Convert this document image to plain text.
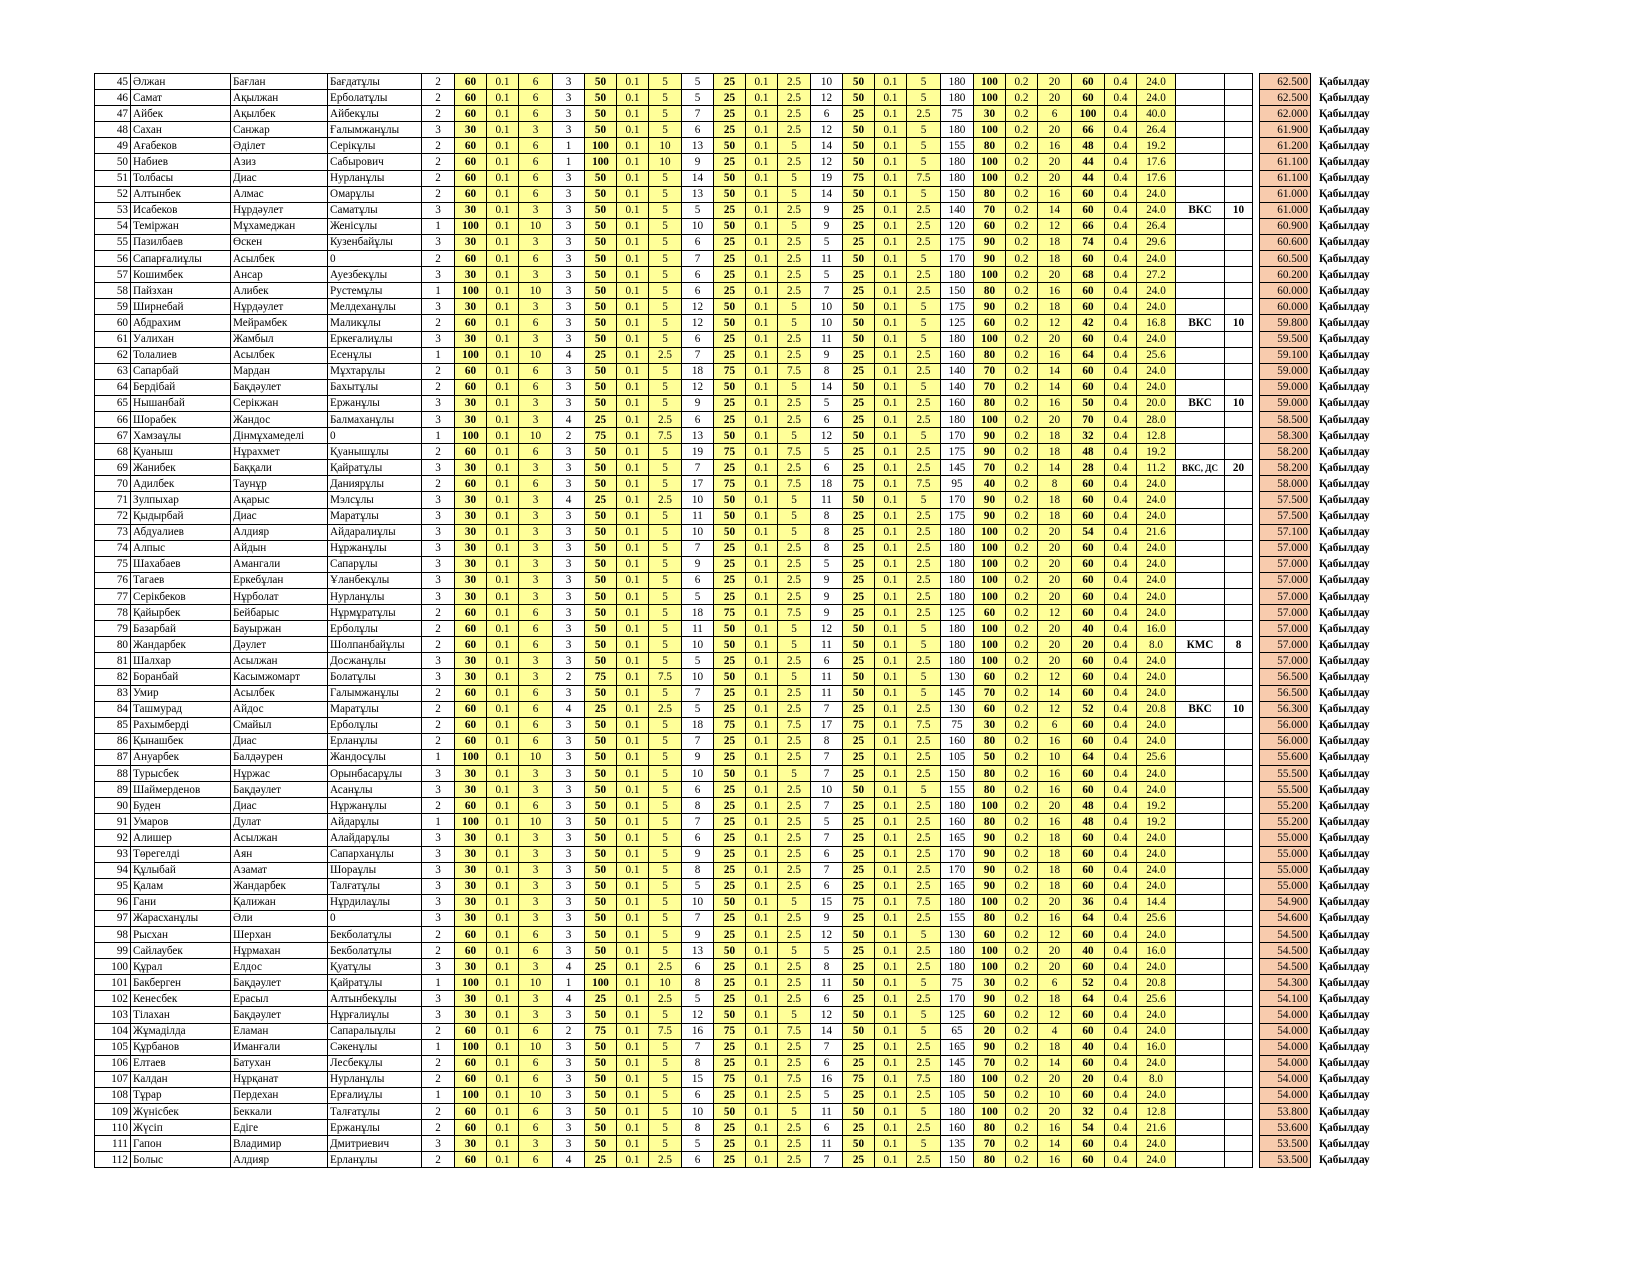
45	Әлжан	Бағлан	Бағдатұлы	2	60	0.1	6	3	50	0.1	5	5	25	0.1	2.5	10	50	0.1	5	180	100	0.2	20	60	0.4	24.0				62.500	Қабылдау
46	Самат	Ақылжан	Ерболатұлы	2	60	0.1	6	3	50	0.1	5	5	25	0.1	2.5	12	50	0.1	5	180	100	0.2	20	60	0.4	24.0				62.500	Қабылдау
47	Айбек	Ақылбек	Айбекұлы	2	60	0.1	6	3	50	0.1	5	7	25	0.1	2.5	6	25	0.1	2.5	75	30	0.2	6	100	0.4	40.0				62.000	Қабылдау
48	Сахан	Санжар	Ғалымжанұлы	3	30	0.1	3	3	50	0.1	5	6	25	0.1	2.5	12	50	0.1	5	180	100	0.2	20	66	0.4	26.4				61.900	Қабылдау
49	Ағабеков	Әділет	Серікұлы	2	60	0.1	6	1	100	0.1	10	13	50	0.1	5	14	50	0.1	5	155	80	0.2	16	48	0.4	19.2				61.200	Қабылдау
50	Набиев	Азиз	Сабырович	2	60	0.1	6	1	100	0.1	10	9	25	0.1	2.5	12	50	0.1	5	180	100	0.2	20	44	0.4	17.6				61.100	Қабылдау
51	Толбасы	Диас	Нурланұлы	2	60	0.1	6	3	50	0.1	5	14	50	0.1	5	19	75	0.1	7.5	180	100	0.2	20	44	0.4	17.6				61.100	Қабылдау
52	Алтынбек	Алмас	Омарұлы	2	60	0.1	6	3	50	0.1	5	13	50	0.1	5	14	50	0.1	5	150	80	0.2	16	60	0.4	24.0				61.000	Қабылдау
53	Исабеков	Нұрдәулет	Саматұлы	3	30	0.1	3	3	50	0.1	5	5	25	0.1	2.5	9	25	0.1	2.5	140	70	0.2	14	60	0.4	24.0	ВКС	10		61.000	Қабылдау
54	Теміржан	Мұхамеджан	Женісұлы	1	100	0.1	10	3	50	0.1	5	10	50	0.1	5	9	25	0.1	2.5	120	60	0.2	12	66	0.4	26.4				60.900	Қабылдау
55	Пазилбаев	Өскен	Кузенбайұлы	3	30	0.1	3	3	50	0.1	5	6	25	0.1	2.5	5	25	0.1	2.5	175	90	0.2	18	74	0.4	29.6				60.600	Қабылдау
56	Сапарғалиұлы	Асылбек	0	2	60	0.1	6	3	50	0.1	5	7	25	0.1	2.5	11	50	0.1	5	170	90	0.2	18	60	0.4	24.0				60.500	Қабылдау
57	Кошимбек	Ансар	Ауезбекұлы	3	30	0.1	3	3	50	0.1	5	6	25	0.1	2.5	5	25	0.1	2.5	180	100	0.2	20	68	0.4	27.2				60.200	Қабылдау
58	Пайзхан	Алибек	Рустемұлы	1	100	0.1	10	3	50	0.1	5	6	25	0.1	2.5	7	25	0.1	2.5	150	80	0.2	16	60	0.4	24.0				60.000	Қабылдау
59	Ширнебай	Нұрдәулет	Мелдеханұлы	3	30	0.1	3	3	50	0.1	5	12	50	0.1	5	10	50	0.1	5	175	90	0.2	18	60	0.4	24.0				60.000	Қабылдау
60	Абдрахим	Мейрамбек	Маликұлы	2	60	0.1	6	3	50	0.1	5	12	50	0.1	5	10	50	0.1	5	125	60	0.2	12	42	0.4	16.8	ВКС	10		59.800	Қабылдау
61	Уалихан	Жамбыл	Еркеғалиұлы	3	30	0.1	3	3	50	0.1	5	6	25	0.1	2.5	11	50	0.1	5	180	100	0.2	20	60	0.4	24.0				59.500	Қабылдау
62	Толалиев	Асылбек	Есенұлы	1	100	0.1	10	4	25	0.1	2.5	7	25	0.1	2.5	9	25	0.1	2.5	160	80	0.2	16	64	0.4	25.6				59.100	Қабылдау
63	Сапарбай	Мардан	Мұхтарұлы	2	60	0.1	6	3	50	0.1	5	18	75	0.1	7.5	8	25	0.1	2.5	140	70	0.2	14	60	0.4	24.0				59.000	Қабылдау
64	Бердібай	Бақдәулет	Бахытұлы	2	60	0.1	6	3	50	0.1	5	12	50	0.1	5	14	50	0.1	5	140	70	0.2	14	60	0.4	24.0				59.000	Қабылдау
65	Нышанбай	Серікжан	Ержанұлы	3	30	0.1	3	3	50	0.1	5	9	25	0.1	2.5	5	25	0.1	2.5	160	80	0.2	16	50	0.4	20.0	ВКС	10		59.000	Қабылдау
66	Шорабек	Жандос	Балмаханұлы	3	30	0.1	3	4	25	0.1	2.5	6	25	0.1	2.5	6	25	0.1	2.5	180	100	0.2	20	70	0.4	28.0				58.500	Қабылдау
67	Хамзаұлы	Дінмұхамеделі	0	1	100	0.1	10	2	75	0.1	7.5	13	50	0.1	5	12	50	0.1	5	170	90	0.2	18	32	0.4	12.8				58.300	Қабылдау
68	Қуаныш	Нұрахмет	Қуанышұлы	2	60	0.1	6	3	50	0.1	5	19	75	0.1	7.5	5	25	0.1	2.5	175	90	0.2	18	48	0.4	19.2				58.200	Қабылдау
69	Жанибек	Баққали	Қайратұлы	3	30	0.1	3	3	50	0.1	5	7	25	0.1	2.5	6	25	0.1	2.5	145	70	0.2	14	28	0.4	11.2	ВКС, ДС	20		58.200	Қабылдау
70	Адилбек	Таунұр	Даниярұлы	2	60	0.1	6	3	50	0.1	5	17	75	0.1	7.5	18	75	0.1	7.5	95	40	0.2	8	60	0.4	24.0				58.000	Қабылдау
71	Зулпыхар	Ақарыс	Мэлсұлы	3	30	0.1	3	4	25	0.1	2.5	10	50	0.1	5	11	50	0.1	5	170	90	0.2	18	60	0.4	24.0				57.500	Қабылдау
72	Қыдырбай	Диас	Маратұлы	3	30	0.1	3	3	50	0.1	5	11	50	0.1	5	8	25	0.1	2.5	175	90	0.2	18	60	0.4	24.0				57.500	Қабылдау
73	Абдуалиев	Алдияр	Айдаралиұлы	3	30	0.1	3	3	50	0.1	5	10	50	0.1	5	8	25	0.1	2.5	180	100	0.2	20	54	0.4	21.6				57.100	Қабылдау
74	Алпыс	Айдын	Нұржанұлы	3	30	0.1	3	3	50	0.1	5	7	25	0.1	2.5	8	25	0.1	2.5	180	100	0.2	20	60	0.4	24.0				57.000	Қабылдау
75	Шахабаев	Амангали	Сапарұлы	3	30	0.1	3	3	50	0.1	5	9	25	0.1	2.5	5	25	0.1	2.5	180	100	0.2	20	60	0.4	24.0				57.000	Қабылдау
76	Тагаев	Еркебұлан	Ұланбекұлы	3	30	0.1	3	3	50	0.1	5	6	25	0.1	2.5	9	25	0.1	2.5	180	100	0.2	20	60	0.4	24.0				57.000	Қабылдау
77	Серікбеков	Нұрболат	Нурланұлы	3	30	0.1	3	3	50	0.1	5	5	25	0.1	2.5	9	25	0.1	2.5	180	100	0.2	20	60	0.4	24.0				57.000	Қабылдау
78	Қайырбек	Бейбарыс	Нұрмұратұлы	2	60	0.1	6	3	50	0.1	5	18	75	0.1	7.5	9	25	0.1	2.5	125	60	0.2	12	60	0.4	24.0				57.000	Қабылдау
79	Базарбай	Бауыржан	Ерболұлы	2	60	0.1	6	3	50	0.1	5	11	50	0.1	5	12	50	0.1	5	180	100	0.2	20	40	0.4	16.0				57.000	Қабылдау
80	Жандарбек	Дәулет	Шолпанбайұлы	2	60	0.1	6	3	50	0.1	5	10	50	0.1	5	11	50	0.1	5	180	100	0.2	20	20	0.4	8.0	КМС	8		57.000	Қабылдау
81	Шалхар	Асылжан	Досжанұлы	3	30	0.1	3	3	50	0.1	5	5	25	0.1	2.5	6	25	0.1	2.5	180	100	0.2	20	60	0.4	24.0				57.000	Қабылдау
82	Боранбай	Касымжомарт	Болатұлы	3	30	0.1	3	2	75	0.1	7.5	10	50	0.1	5	11	50	0.1	5	130	60	0.2	12	60	0.4	24.0				56.500	Қабылдау
83	Умир	Асылбек	Галымжанұлы	2	60	0.1	6	3	50	0.1	5	7	25	0.1	2.5	11	50	0.1	5	145	70	0.2	14	60	0.4	24.0				56.500	Қабылдау
84	Ташмурад	Айдос	Маратұлы	2	60	0.1	6	4	25	0.1	2.5	5	25	0.1	2.5	7	25	0.1	2.5	130	60	0.2	12	52	0.4	20.8	ВКС	10		56.300	Қабылдау
85	Рахымберді	Смайыл	Ерболұлы	2	60	0.1	6	3	50	0.1	5	18	75	0.1	7.5	17	75	0.1	7.5	75	30	0.2	6	60	0.4	24.0				56.000	Қабылдау
86	Қынашбек	Диас	Ерланұлы	2	60	0.1	6	3	50	0.1	5	7	25	0.1	2.5	8	25	0.1	2.5	160	80	0.2	16	60	0.4	24.0				56.000	Қабылдау
87	Ануарбек	Балдәурен	Жандосұлы	1	100	0.1	10	3	50	0.1	5	9	25	0.1	2.5	7	25	0.1	2.5	105	50	0.2	10	64	0.4	25.6				55.600	Қабылдау
88	Турысбек	Нұржас	Орынбасарұлы	3	30	0.1	3	3	50	0.1	5	10	50	0.1	5	7	25	0.1	2.5	150	80	0.2	16	60	0.4	24.0				55.500	Қабылдау
89	Шаймерденов	Бақдәулет	Асанұлы	3	30	0.1	3	3	50	0.1	5	6	25	0.1	2.5	10	50	0.1	5	155	80	0.2	16	60	0.4	24.0				55.500	Қабылдау
90	Буден	Диас	Нұржанұлы	2	60	0.1	6	3	50	0.1	5	8	25	0.1	2.5	7	25	0.1	2.5	180	100	0.2	20	48	0.4	19.2				55.200	Қабылдау
91	Умаров	Дулат	Айдарұлы	1	100	0.1	10	3	50	0.1	5	7	25	0.1	2.5	5	25	0.1	2.5	160	80	0.2	16	48	0.4	19.2				55.200	Қабылдау
92	Алишер	Асылжан	Алайдарұлы	3	30	0.1	3	3	50	0.1	5	6	25	0.1	2.5	7	25	0.1	2.5	165	90	0.2	18	60	0.4	24.0				55.000	Қабылдау
93	Төрегелді	Аян	Сапарханұлы	3	30	0.1	3	3	50	0.1	5	9	25	0.1	2.5	6	25	0.1	2.5	170	90	0.2	18	60	0.4	24.0				55.000	Қабылдау
94	Құлыбай	Азамат	Шораұлы	3	30	0.1	3	3	50	0.1	5	8	25	0.1	2.5	7	25	0.1	2.5	170	90	0.2	18	60	0.4	24.0				55.000	Қабылдау
95	Қалам	Жандарбек	Талғатұлы	3	30	0.1	3	3	50	0.1	5	5	25	0.1	2.5	6	25	0.1	2.5	165	90	0.2	18	60	0.4	24.0				55.000	Қабылдау
96	Гани	Қалижан	Нұрдилаұлы	3	30	0.1	3	3	50	0.1	5	10	50	0.1	5	15	75	0.1	7.5	180	100	0.2	20	36	0.4	14.4				54.900	Қабылдау
97	Жарасханұлы	Әли	0	3	30	0.1	3	3	50	0.1	5	7	25	0.1	2.5	9	25	0.1	2.5	155	80	0.2	16	64	0.4	25.6				54.600	Қабылдау
98	Рысхан	Шерхан	Бекболатұлы	2	60	0.1	6	3	50	0.1	5	9	25	0.1	2.5	12	50	0.1	5	130	60	0.2	12	60	0.4	24.0				54.500	Қабылдау
99	Сайлаубек	Нұрмахан	Бекболатұлы	2	60	0.1	6	3	50	0.1	5	13	50	0.1	5	5	25	0.1	2.5	180	100	0.2	20	40	0.4	16.0				54.500	Қабылдау
100	Құрал	Елдос	Қуатұлы	3	30	0.1	3	4	25	0.1	2.5	6	25	0.1	2.5	8	25	0.1	2.5	180	100	0.2	20	60	0.4	24.0				54.500	Қабылдау
101	Бакберген	Бақдәулет	Қайратұлы	1	100	0.1	10	1	100	0.1	10	8	25	0.1	2.5	11	50	0.1	5	75	30	0.2	6	52	0.4	20.8				54.300	Қабылдау
102	Кенесбек	Ерасыл	Алтынбекұлы	3	30	0.1	3	4	25	0.1	2.5	5	25	0.1	2.5	6	25	0.1	2.5	170	90	0.2	18	64	0.4	25.6				54.100	Қабылдау
103	Тілахан	Бақдәулет	Нұрғалиұлы	3	30	0.1	3	3	50	0.1	5	12	50	0.1	5	12	50	0.1	5	125	60	0.2	12	60	0.4	24.0				54.000	Қабылдау
104	Жұмаділда	Еламан	Сапаралыұлы	2	60	0.1	6	2	75	0.1	7.5	16	75	0.1	7.5	14	50	0.1	5	65	20	0.2	4	60	0.4	24.0				54.000	Қабылдау
105	Құрбанов	Иманғали	Сәкенұлы	1	100	0.1	10	3	50	0.1	5	7	25	0.1	2.5	7	25	0.1	2.5	165	90	0.2	18	40	0.4	16.0				54.000	Қабылдау
106	Елтаев	Батухан	Лесбекұлы	2	60	0.1	6	3	50	0.1	5	8	25	0.1	2.5	6	25	0.1	2.5	145	70	0.2	14	60	0.4	24.0				54.000	Қабылдау
107	Калдан	Нұрқанат	Нурланұлы	2	60	0.1	6	3	50	0.1	5	15	75	0.1	7.5	16	75	0.1	7.5	180	100	0.2	20	20	0.4	8.0				54.000	Қабылдау
108	Тұрар	Пердехан	Ерғалиұлы	1	100	0.1	10	3	50	0.1	5	6	25	0.1	2.5	5	25	0.1	2.5	105	50	0.2	10	60	0.4	24.0				54.000	Қабылдау
109	Жүнісбек	Беккали	Талғатұлы	2	60	0.1	6	3	50	0.1	5	10	50	0.1	5	11	50	0.1	5	180	100	0.2	20	32	0.4	12.8				53.800	Қабылдау
110	Жүсіп	Едіге	Ержанұлы	2	60	0.1	6	3	50	0.1	5	8	25	0.1	2.5	6	25	0.1	2.5	160	80	0.2	16	54	0.4	21.6				53.600	Қабылдау
111	Гапон	Владимир	Дмитриевич	3	30	0.1	3	3	50	0.1	5	5	25	0.1	2.5	11	50	0.1	5	135	70	0.2	14	60	0.4	24.0				53.500	Қабылдау
112	Болыс	Алдияр	Ерланұлы	2	60	0.1	6	4	25	0.1	2.5	6	25	0.1	2.5	7	25	0.1	2.5	150	80	0.2	16	60	0.4	24.0				53.500	Қабылдау
